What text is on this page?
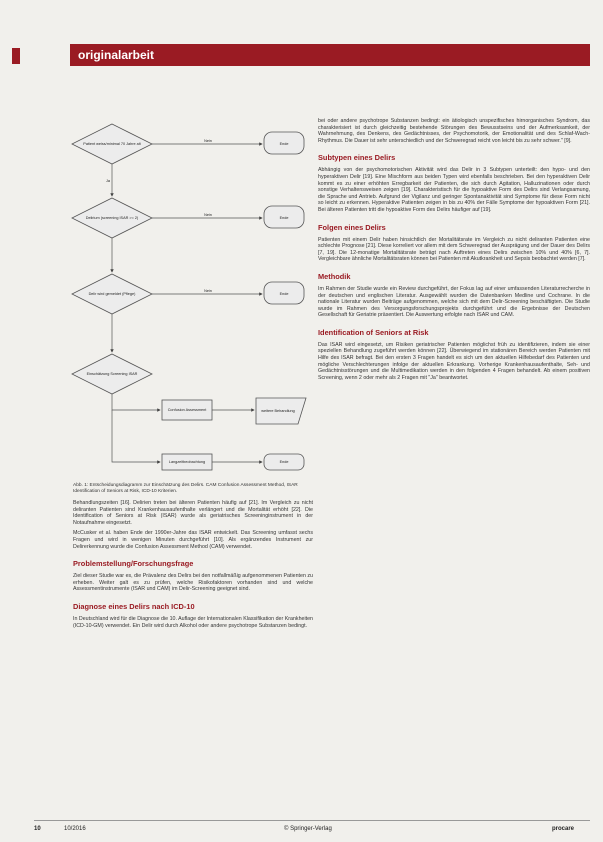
originalarbeit
Patient weiss/minimal 70 Jahre alt
Delirium (screening ISAR >= 2)
Delir wird gemeldet (Pflege)
Einschätzung Screening ISAR
Ende
Ende
Ende
Confusion Assessment
Langzeitbeobachtung
weitere Behandlung
Ende
Nein
Nein
Nein
Ja
Abb. 1: Entscheidungsdiagramm zur Einschätzung des Delirs. CAM Confusion Assessment Method, ISAR Identification of Seniors at Risk, ICD-10 Kriterien.

Behandlungszeiten [16]. Delirien treten bei älteren Patienten häufig auf [21]. Im Vergleich zu nicht deliranten Patienten sind Krankenhausaufenthalte verlängert und die Mortalität erhöht [22]. Die Identification of Seniors at Risk (ISAR) wurde als geriatrisches Screeninginstrument in der Notaufnahme eingesetzt.

McCusker et al. haben Ende der 1990er-Jahre das ISAR entwickelt. Das Screening umfasst sechs Fragen und wird in wenigen Minuten durchgeführt [10]. Als ergänzendes Instrument zur Delirerkennung wurde die Confusion Assessment Method (CAM) verwendet.

Problemstellung/Forschungsfrage

Ziel dieser Studie war es, die Prävalenz des Delirs bei den notfallmäßig aufgenommenen Patienten zu erheben. Weiter galt es zu prüfen, welche Risikofaktoren vorhanden sind und welche Assessmentinstrumente (ISAR und CAM) im Delir-Screening geeignet sind.

Diagnose eines Delirs nach ICD-10

In Deutschland wird für die Diagnose die 10. Auflage der Internationalen Klassifikation der Krankheiten (ICD-10-GM) verwendet. Ein Delir wird durch Alkohol oder andere psychotrope Substanzen bedingt.

bei oder andere psychotrope Substanzen bedingt: ein ätiologisch unspezifisches hirnorganisches Syndrom, das charakterisiert ist durch gleichzeitig bestehende Störungen des Bewusstseins und der Aufmerksamkeit, der Wahrnehmung, des Denkens, des Gedächtnisses, der Psychomotorik, der Emotionalität und des Schlaf-Wach-Rhythmus. Die Dauer ist sehr unterschiedlich und der Schweregrad reicht von leicht bis zu sehr schwer." [9].

Subtypen eines Delirs

Abhängig von der psychomotorischen Aktivität wird das Delir in 3 Subtypen unterteilt: den hypo- und den hyperaktiven Delir [19]. Eine Mischform aus beiden Typen wird ebenfalls beschrieben. Bei den hyperaktiven Delir kommt es zu einer erhöhten Erregbarkeit der Patienten, die sich durch Agitation, Halluzinationen oder durch sonstige Verhaltensweisen zeigen [19]. Charakteristisch für die hypoaktive Form des Delirs sind Verlangsamung, die Sprache und Antrieb. Aufgrund der Vigilanz und geringer Spontanaktivität sind Symptome für diese Form nicht so leicht zu erkennen. Hyperaktive Patienten zeigen in bis zu 40% der Fälle Symptome der hypoaktiven Form [21]. Bei älteren Patienten tritt die hypoaktive Form des Delirs häufiger auf [19].

Folgen eines Delirs

Patienten mit einem Delir haben hinsichtlich der Mortalitätsrate im Vergleich zu nicht deliranten Patienten eine schlechte Prognose [21]. Diese korreliert vor allem mit dem Schweregrad der Ausprägung und der Dauer des Delirs [7, 19]. Die 12-monatige Mortalitätsrate beträgt nach Auftreten eines Delirs zwischen 10% und 40% [6, 7]. Vergleichbare ähnliche Mortalitätsraten können bei Patienten mit Akutkrankheit und Sepsis beobachtet werden [7].

Methodik

Im Rahmen der Studie wurde ein Review durchgeführt, der Fokus lag auf einer umfassenden Literaturrecherche in der deutschen und englischen Literatur. Ausgewählt wurden die Datenbanken Medline und Cochrane. In die nationale Literatur wurden Beiträge aufgenommen, welche sich mit dem Delir-Screening beschäftigten. Die Studie wurde im Rahmen des Versorgungsforschungsprojekts durchgeführt und die Ergebnisse der Deutschen Gesellschaft für Geriatrie präsentiert. Die Auswertung erfolgte nach ISAR und CAM.

Identification of Seniors at Risk

Das ISAR wird eingesetzt, um Risiken geriatrischer Patienten möglichst früh zu identifizieren, indem sie einer speziellen Behandlung zugeführt werden können [22]. Überwiegend im stationären Bereich werden Patienten mit Hilfe des ISAR befragt. Bei den ersten 3 Fragen handelt es sich um den aktuellen Hilfebedarf des Patienten und mögliche Verschlechterungen infolge der aktuellen Erkrankung. Vorherige Krankenhausaufenthalte, Seh- und Gedächtnisstörungen und die Multimedikation werden in den folgenden 4 Fragen behandelt. Ab einem positiven Screening, wenn 2 oder mehr als 2 Fragen mit "Ja" beantwortet.

10	10/2016	© Springer-Verlag	procare
